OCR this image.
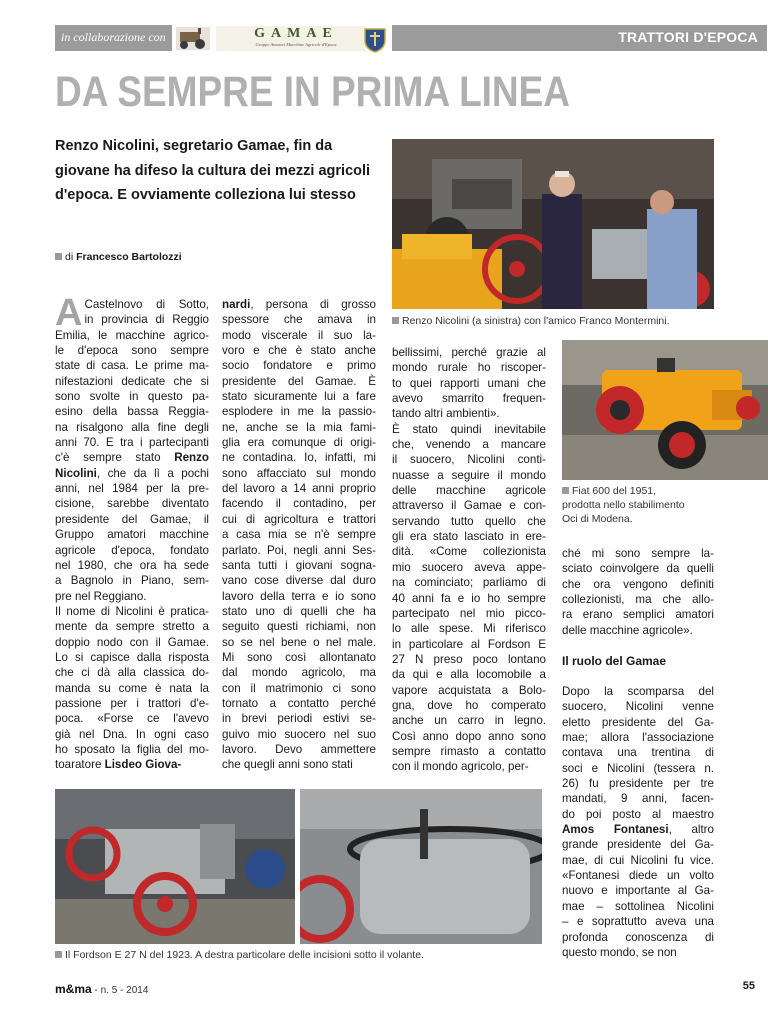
in collaborazione con	GAMAE
Gruppo Amatori Macchine Agricole d'Epoca	TRATTORI D'EPOCA
DA SEMPRE IN PRIMA LINEA
Renzo Nicolini, segretario Gamae, fin da giovane ha difeso la cultura dei mezzi agricoli d'epoca. E ovviamente colleziona lui stesso
di Francesco Bartolozzi
Renzo Nicolini (a sinistra) con l'amico Franco Montermini.
Fiat 600 del 1951,
prodotta nello stabilimento
Oci di Modena.
Il Fordson E 27 N del 1923. A destra particolare delle incisioni sotto il volante.
A Castelnovo di Sotto,
in provincia di Reggio
Emilia, le macchine agrico-
le d'epoca sono sempre
state di casa. Le prime ma-
nifestazioni dedicate che si
sono svolte in questo pa-
esino della bassa Reggia-
na risalgono alla fine degli
anni 70. E tra i partecipanti
c'è sempre stato Renzo
Nicolini, che da lì a pochi
anni, nel 1984 per la pre-
cisione, sarebbe diventato
presidente del Gamae, il
Gruppo amatori macchine
agricole d'epoca, fondato
nel 1980, che ora ha sede
a Bagnolo in Piano, sem-
pre nel Reggiano.
Il nome di Nicolini è pratica-
mente da sempre stretto a
doppio nodo con il Gamae.
Lo si capisce dalla risposta
che ci dà alla classica do-
manda su come è nata la
passione per i trattori d'e-
poca. «Forse ce l'avevo
già nel Dna. In ogni caso
ho sposato la figlia del mo-
toaratore Lisdeo Giova-
nardi, persona di grosso
spessore che amava in
modo viscerale il suo la-
voro e che è stato anche
socio fondatore e primo
presidente del Gamae. È
stato sicuramente lui a fare
esplodere in me la passio-
ne, anche se la mia fami-
glia era comunque di origi-
ne contadina. Io, infatti, mi
sono affacciato sul mondo
del lavoro a 14 anni proprio
facendo il contadino, per
cui di agricoltura e trattori
a casa mia se n'è sempre
parlato. Poi, negli anni Ses-
santa tutti i giovani sogna-
vano cose diverse dal duro
lavoro della terra e io sono
stato uno di quelli che ha
seguito questi richiami, non
so se nel bene o nel male.
Mi sono così allontanato
dal mondo agricolo, ma
con il matrimonio ci sono
tornato a contatto perché
in brevi periodi estivi se-
guivo mio suocero nel suo
lavoro. Devo ammettere
che quegli anni sono stati
bellissimi, perché grazie al
mondo rurale ho riscoper-
to quei rapporti umani che
avevo smarrito frequen-
tando altri ambienti».
È stato quindi inevitabile
che, venendo a mancare
il suocero, Nicolini conti-
nuasse a seguire il mondo
delle macchine agricole
attraverso il Gamae e con-
servando tutto quello che
gli era stato lasciato in ere-
dità. «Come collezionista
mio suocero aveva appe-
na cominciato; parliamo di
40 anni fa e io ho sempre
partecipato nel mio picco-
lo alle spese. Mi riferisco
in particolare al Fordson E
27 N preso poco lontano
da qui e alla locomobile a
vapore acquistata a Bolo-
gna, dove ho comperato
anche un carro in legno.
Così anno dopo anno sono
sempre rimasto a contatto
con il mondo agricolo, per-
ché mi sono sempre la-
sciato coinvolgere da quelli
che ora vengono definiti
collezionisti, ma che allo-
ra erano semplici amatori
delle macchine agricole».
Il ruolo del Gamae
Dopo la scomparsa del
suocero, Nicolini venne
eletto presidente del Ga-
mae; allora l'associazione
contava una trentina di
soci e Nicolini (tessera n.
26) fu presidente per tre
mandati, 9 anni, facen-
do poi posto al maestro
Amos Fontanesi, altro
grande presidente del Ga-
mae, di cui Nicolini fu vice.
«Fontanesi diede un volto
nuovo e importante al Ga-
mae – sottolinea Nicolini
– e soprattutto aveva una
profonda conoscenza di
questo mondo, se non
m&ma - n. 5 - 2014	55
